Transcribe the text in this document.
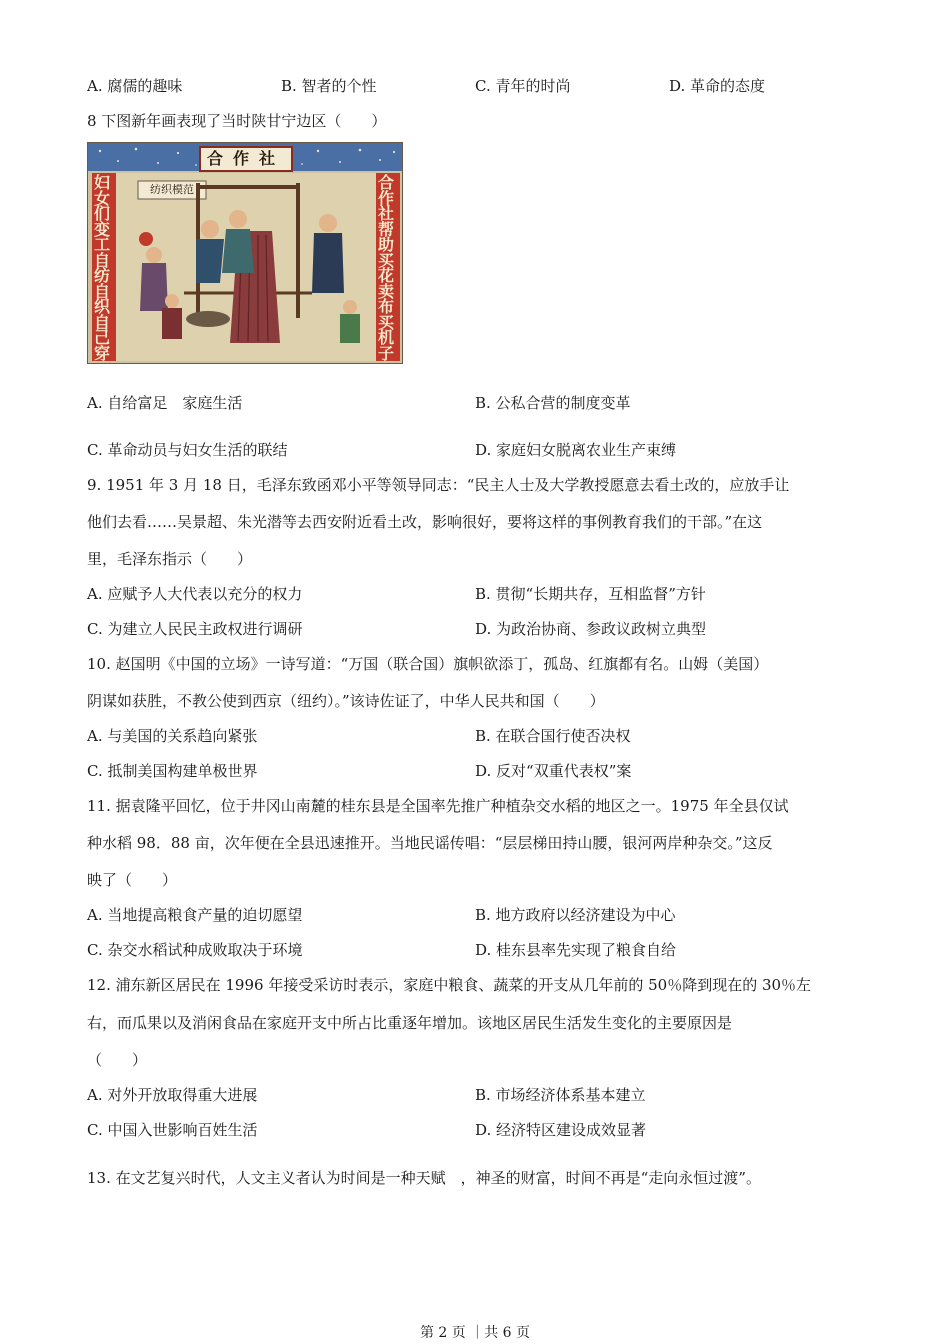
A. 腐儒的趣味	B. 智者的个性	C. 青年的时尚	D. 革命的态度
8 下图新年画表现了当时陕甘宁边区（　　）
合作社
纺织模范
妇女们变工自纺自织自己穿
合作社帮助买花卖布买机子
A. 自给富足　家庭生活	B. 公私合营的制度变革
C. 革命动员与妇女生活的联结	D. 家庭妇女脱离农业生产束缚
9. 1951 年 3 月 18 日，毛泽东致函邓小平等领导同志：“民主人士及大学教授愿意去看土改的，应放手让
他们去看……吴景超、朱光潜等去西安附近看土改，影响很好，要将这样的事例教育我们的干部。”在这
里，毛泽东指示（　　）
A. 应赋予人大代表以充分的权力	B. 贯彻“长期共存，互相监督”方针
C. 为建立人民民主政权进行调研	D. 为政治协商、参政议政树立典型
10. 赵国明《中国的立场》一诗写道：“万国（联合国）旗帜欲添丁，孤岛、红旗都有名。山姆（美国）
阴谋如获胜，不教公使到西京（纽约）。”该诗佐证了，中华人民共和国（　　）
A. 与美国的关系趋向紧张	B. 在联合国行使否决权
C. 抵制美国构建单极世界	D. 反对“双重代表权”案
11. 据袁隆平回忆，位于井冈山南麓的桂东县是全国率先推广种植杂交水稻的地区之一。1975 年全县仅试
种水稻 98．88 亩，次年便在全县迅速推开。当地民谣传唱：“层层梯田持山腰，银河两岸种杂交。”这反
映了（　　）
A. 当地提高粮食产量的迫切愿望	B. 地方政府以经济建设为中心
C. 杂交水稻试种成败取决于环境	D. 桂东县率先实现了粮食自给
12. 浦东新区居民在 1996 年接受采访时表示，家庭中粮食、蔬菜的开支从几年前的 50％降到现在的 30％左
右，而瓜果以及消闲食品在家庭开支中所占比重逐年增加。该地区居民生活发生变化的主要原因是
（　　）
A. 对外开放取得重大进展	B. 市场经济体系基本建立
C. 中国入世影响百姓生活	D. 经济特区建设成效显著
13. 在文艺复兴时代，人文主义者认为时间是一种天赋　，神圣的财富，时间不再是“走向永恒过渡”。
第 2 页 ｜共 6 页
